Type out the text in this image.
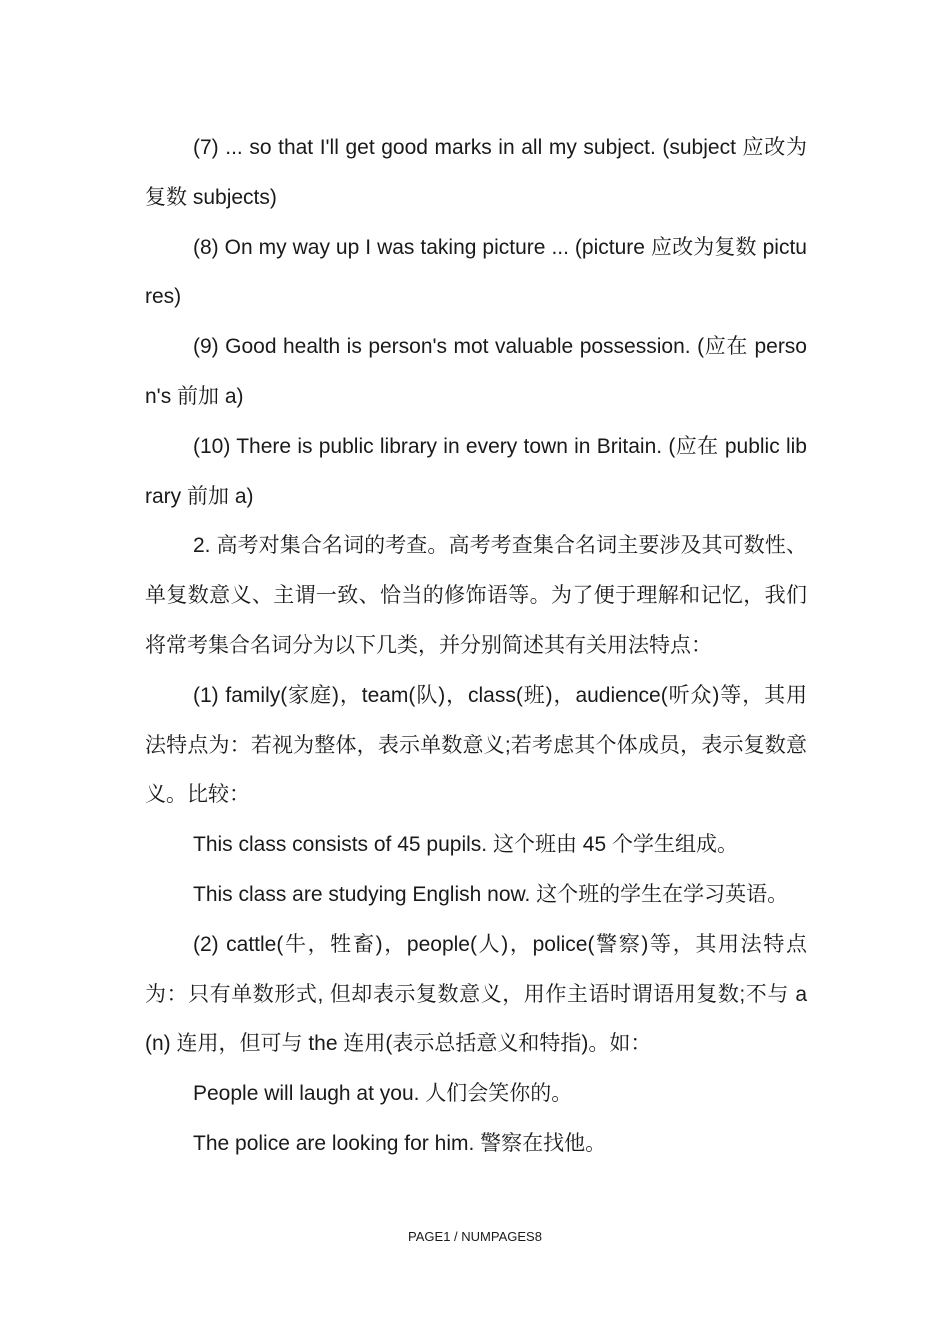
(7) ... so that I'll get good marks in all my subject. (subject 应改为复数 subjects)

(8) On my way up I was taking picture ... (picture 应改为复数 pictures)

(9) Good health is person's mot valuable possession. (应在 person's 前加 a)

(10) There is public library in every town in Britain. (应在 public library 前加 a)

2. 高考对集合名词的考查。高考考查集合名词主要涉及其可数性、单复数意义、主谓一致、恰当的修饰语等。为了便于理解和记忆，我们将常考集合名词分为以下几类，并分别简述其有关用法特点：

(1) family(家庭)，team(队)，class(班)，audience(听众)等，其用法特点为：若视为整体，表示单数意义;若考虑其个体成员，表示复数意义。比较：

This class consists of 45 pupils. 这个班由 45 个学生组成。

This class are studying English now. 这个班的学生在学习英语。

(2) cattle(牛，牲畜)，people(人)，police(警察)等，其用法特点为：只有单数形式, 但却表示复数意义，用作主语时谓语用复数;不与 a(n) 连用，但可与 the 连用(表示总括意义和特指)。如：

People will laugh at you. 人们会笑你的。

The police are looking for him. 警察在找他。

PAGE1 / NUMPAGES8
